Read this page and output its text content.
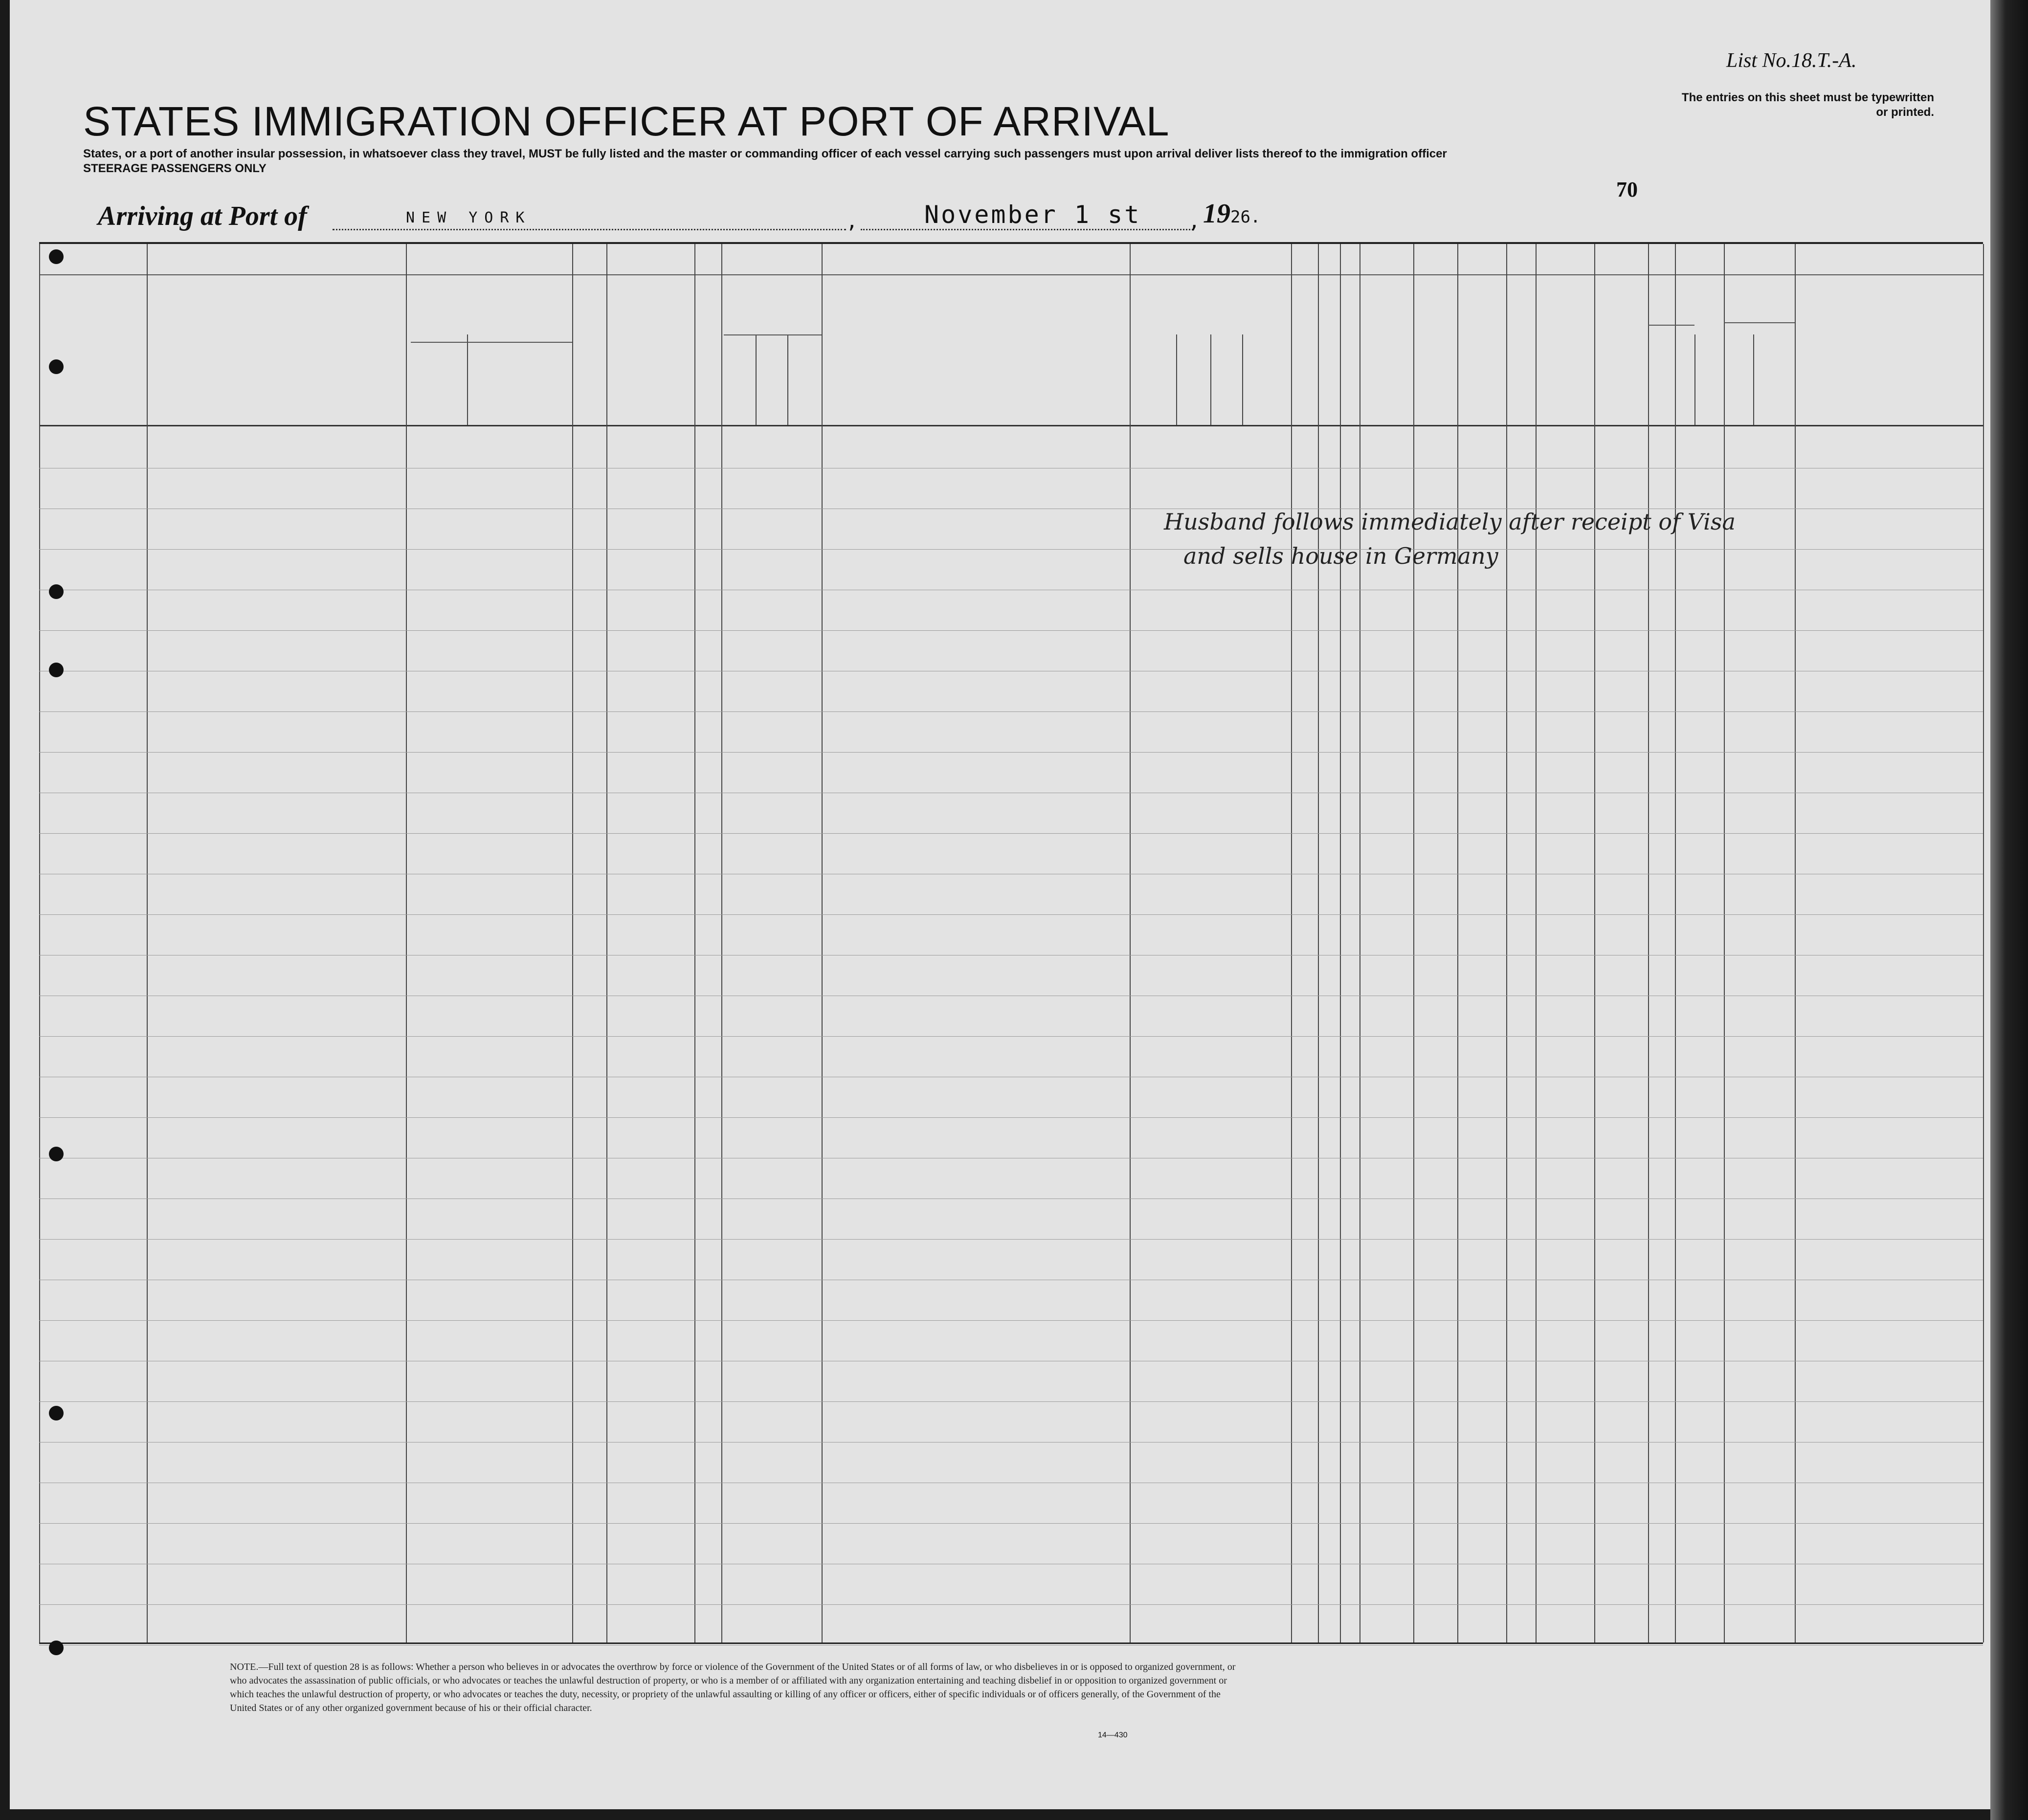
List No.18.T.-A.
The entries on this sheet must be typewritten or printed.
STATES IMMIGRATION OFFICER AT PORT OF ARRIVAL
States, or a port of another insular possession, in whatsoever class they travel, MUST be fully listed and the master or commanding officer of each vessel carrying such passengers must upon arrival deliver lists thereof to the immigration officer
STEERAGE PASSENGERS ONLY
70
Arriving at Port of	NEW YORK	,	November 1 st , 1926.
Husband follows immediately after receipt of Visa
and sells house in Germany
NOTE.—Full text of question 28 is as follows: Whether a person who believes in or advocates the overthrow by force or violence of the Government of the United States or of all forms of law, or who disbelieves in or is opposed to organized government, or who advocates the assassination of public officials, or who advocates or teaches the unlawful destruction of property, or who is a member of or affiliated with any organization entertaining and teaching disbelief in or opposition to organized government or which teaches the unlawful destruction of property, or who advocates or teaches the duty, necessity, or propriety of the unlawful assaulting or killing of any officer or officers, either of specific individuals or of officers generally, of the Government of the United States or of any other organized government because of his or their official character.
14—430
